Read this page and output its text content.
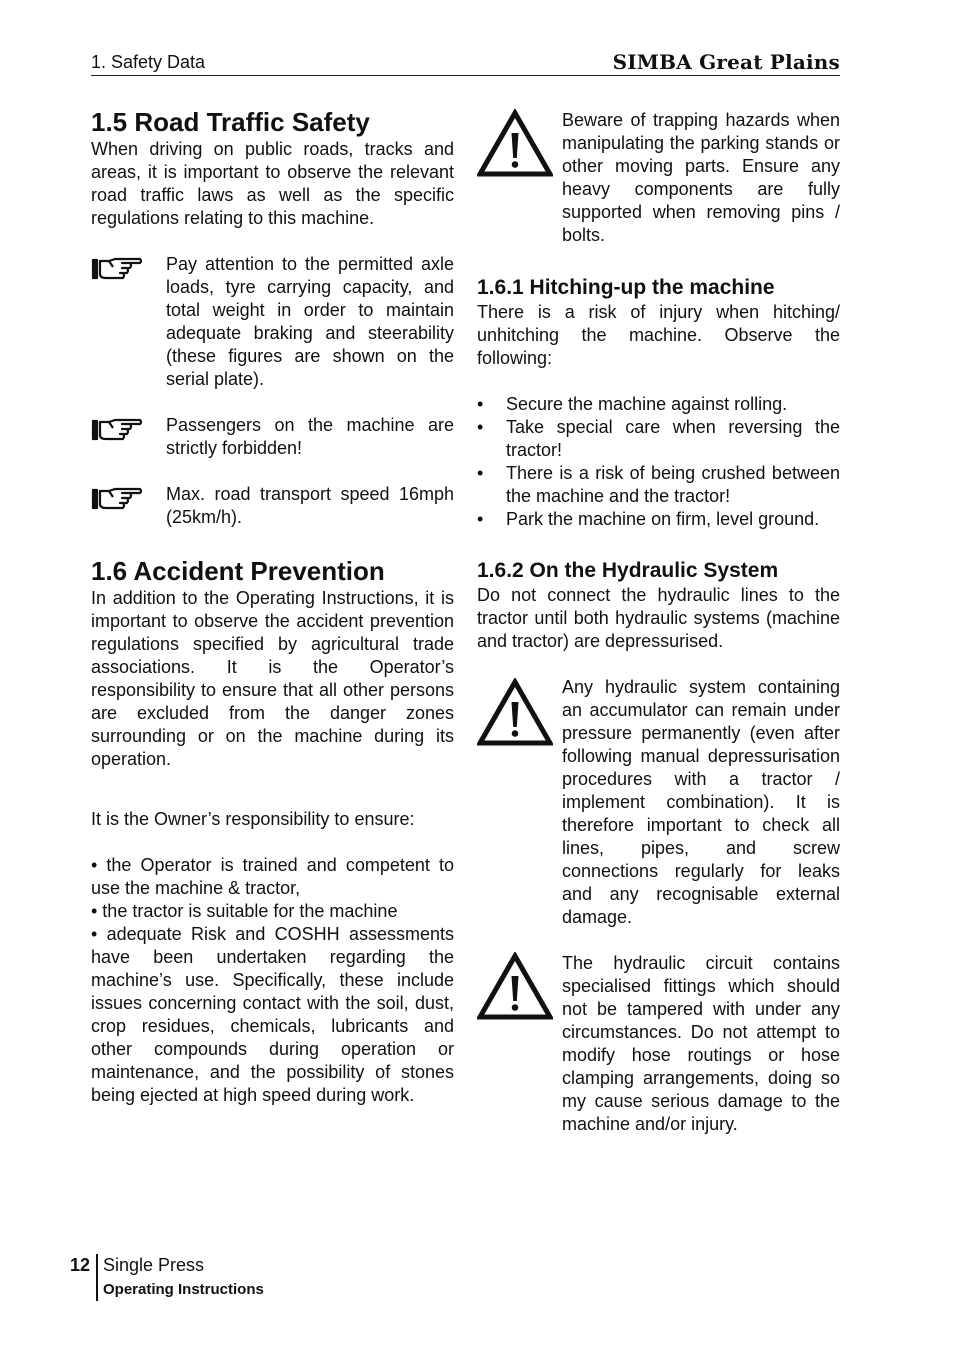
1. Safety Data	SIMBA Great Plains
1.5 Road Traffic Safety

When driving on public roads, tracks and areas, it is important to observe the relevant road traffic laws as well as the specific regulations relating to this machine.

Pay attention to the permitted axle loads, tyre carrying capacity, and total weight in order to maintain adequate braking and steerability (these figures are shown on the serial plate).

Passengers on the machine are strictly forbidden!

Max. road transport speed 16mph (25km/h).

1.6 Accident Prevention

In addition to the Operating Instructions, it is important to observe the accident prevention regulations specified by agricultural trade associations. It is the Operator’s responsibility to ensure that all other persons are excluded from the danger zones surrounding or on the machine during its operation.

It is the Owner’s responsibility to ensure:

• the Operator is trained and competent to use the machine & tractor,

• the tractor is suitable for the machine

• adequate Risk and COSHH assessments have been undertaken regarding the machine’s use. Specifically, these include issues concerning contact with the soil, dust, crop residues, chemicals, lubricants and other compounds during operation or maintenance, and the possibility of stones being ejected at high speed during work.

Beware of trapping hazards when manipulating the parking stands or other moving parts. Ensure any heavy components are fully supported when removing pins / bolts.

1.6.1 Hitching-up the machine

There is a risk of injury when hitching/ unhitching the machine. Observe the following:

• Secure the machine against rolling.
• Take special care when reversing the tractor!
• There is a risk of being crushed between the machine and the tractor!
• Park the machine on firm, level ground.
1.6.2 On the Hydraulic System

Do not connect the hydraulic lines to the tractor until both hydraulic systems (machine and tractor) are depressurised.

Any hydraulic system containing an accumulator can remain under pressure permanently (even after following manual depressurisation procedures with a tractor / implement combination). It is therefore important to check all lines, pipes, and screw connections regularly for leaks and any recognisable external damage.

The hydraulic circuit contains specialised fittings which should not be tampered with under any circumstances. Do not attempt to modify hose routings or hose clamping arrangements, doing so my cause serious damage to the machine and/or injury.

12 Single Press
Operating Instructions
